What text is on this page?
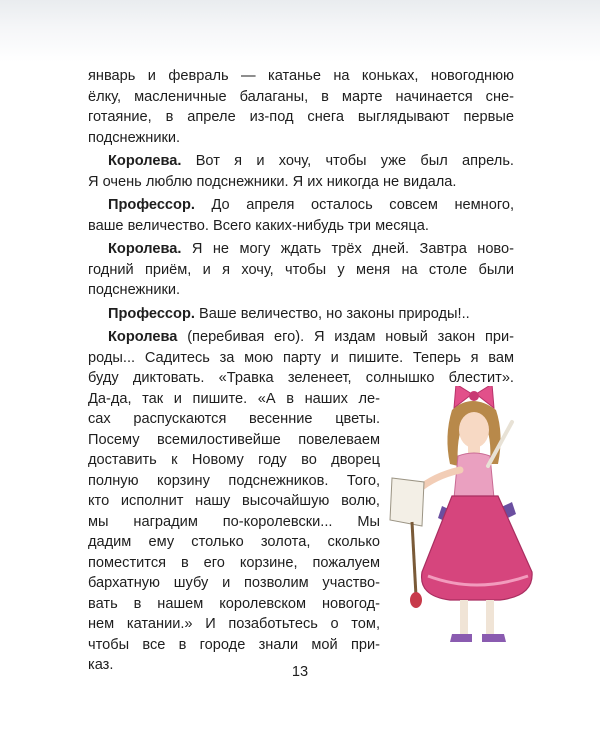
январь и февраль — катанье на коньках, новогоднюю
ёлку, масленичные балаганы, в марте начинается сне-
готаяние, в апреле из-под снега выглядывают первые
подснежники.
Королева. Вот я и хочу, чтобы уже был апрель.
Я очень люблю подснежники. Я их никогда не видала.
Профессор. До апреля осталось совсем немного,
ваше величество. Всего каких-нибудь три месяца.
Королева. Я не могу ждать трёх дней. Завтра ново-
годний приём, и я хочу, чтобы у меня на столе были
подснежники.
Профессор. Ваше величество, но законы природы!..
Королева (перебивая его). Я издам новый закон при-
роды... Садитесь за мою парту и пишите. Теперь я вам
буду диктовать. «Травка зеленеет, солнышко блестит».
Да-да, так и пишите. «А в наших ле-
сах распускаются весенние цветы.
Посему всемилостивейше повелеваем
доставить к Новому году во дворец
полную корзину подснежников. Того,
кто исполнит нашу высочайшую волю,
мы наградим по-королевски... Мы
дадим ему столько золота, сколько
поместится в его корзине, пожалуем
бархатную шубу и позволим участво-
вать в нашем королевском новогод-
нем катании.» И позаботьтесь о том,
чтобы все в городе знали мой при-
каз.	13
